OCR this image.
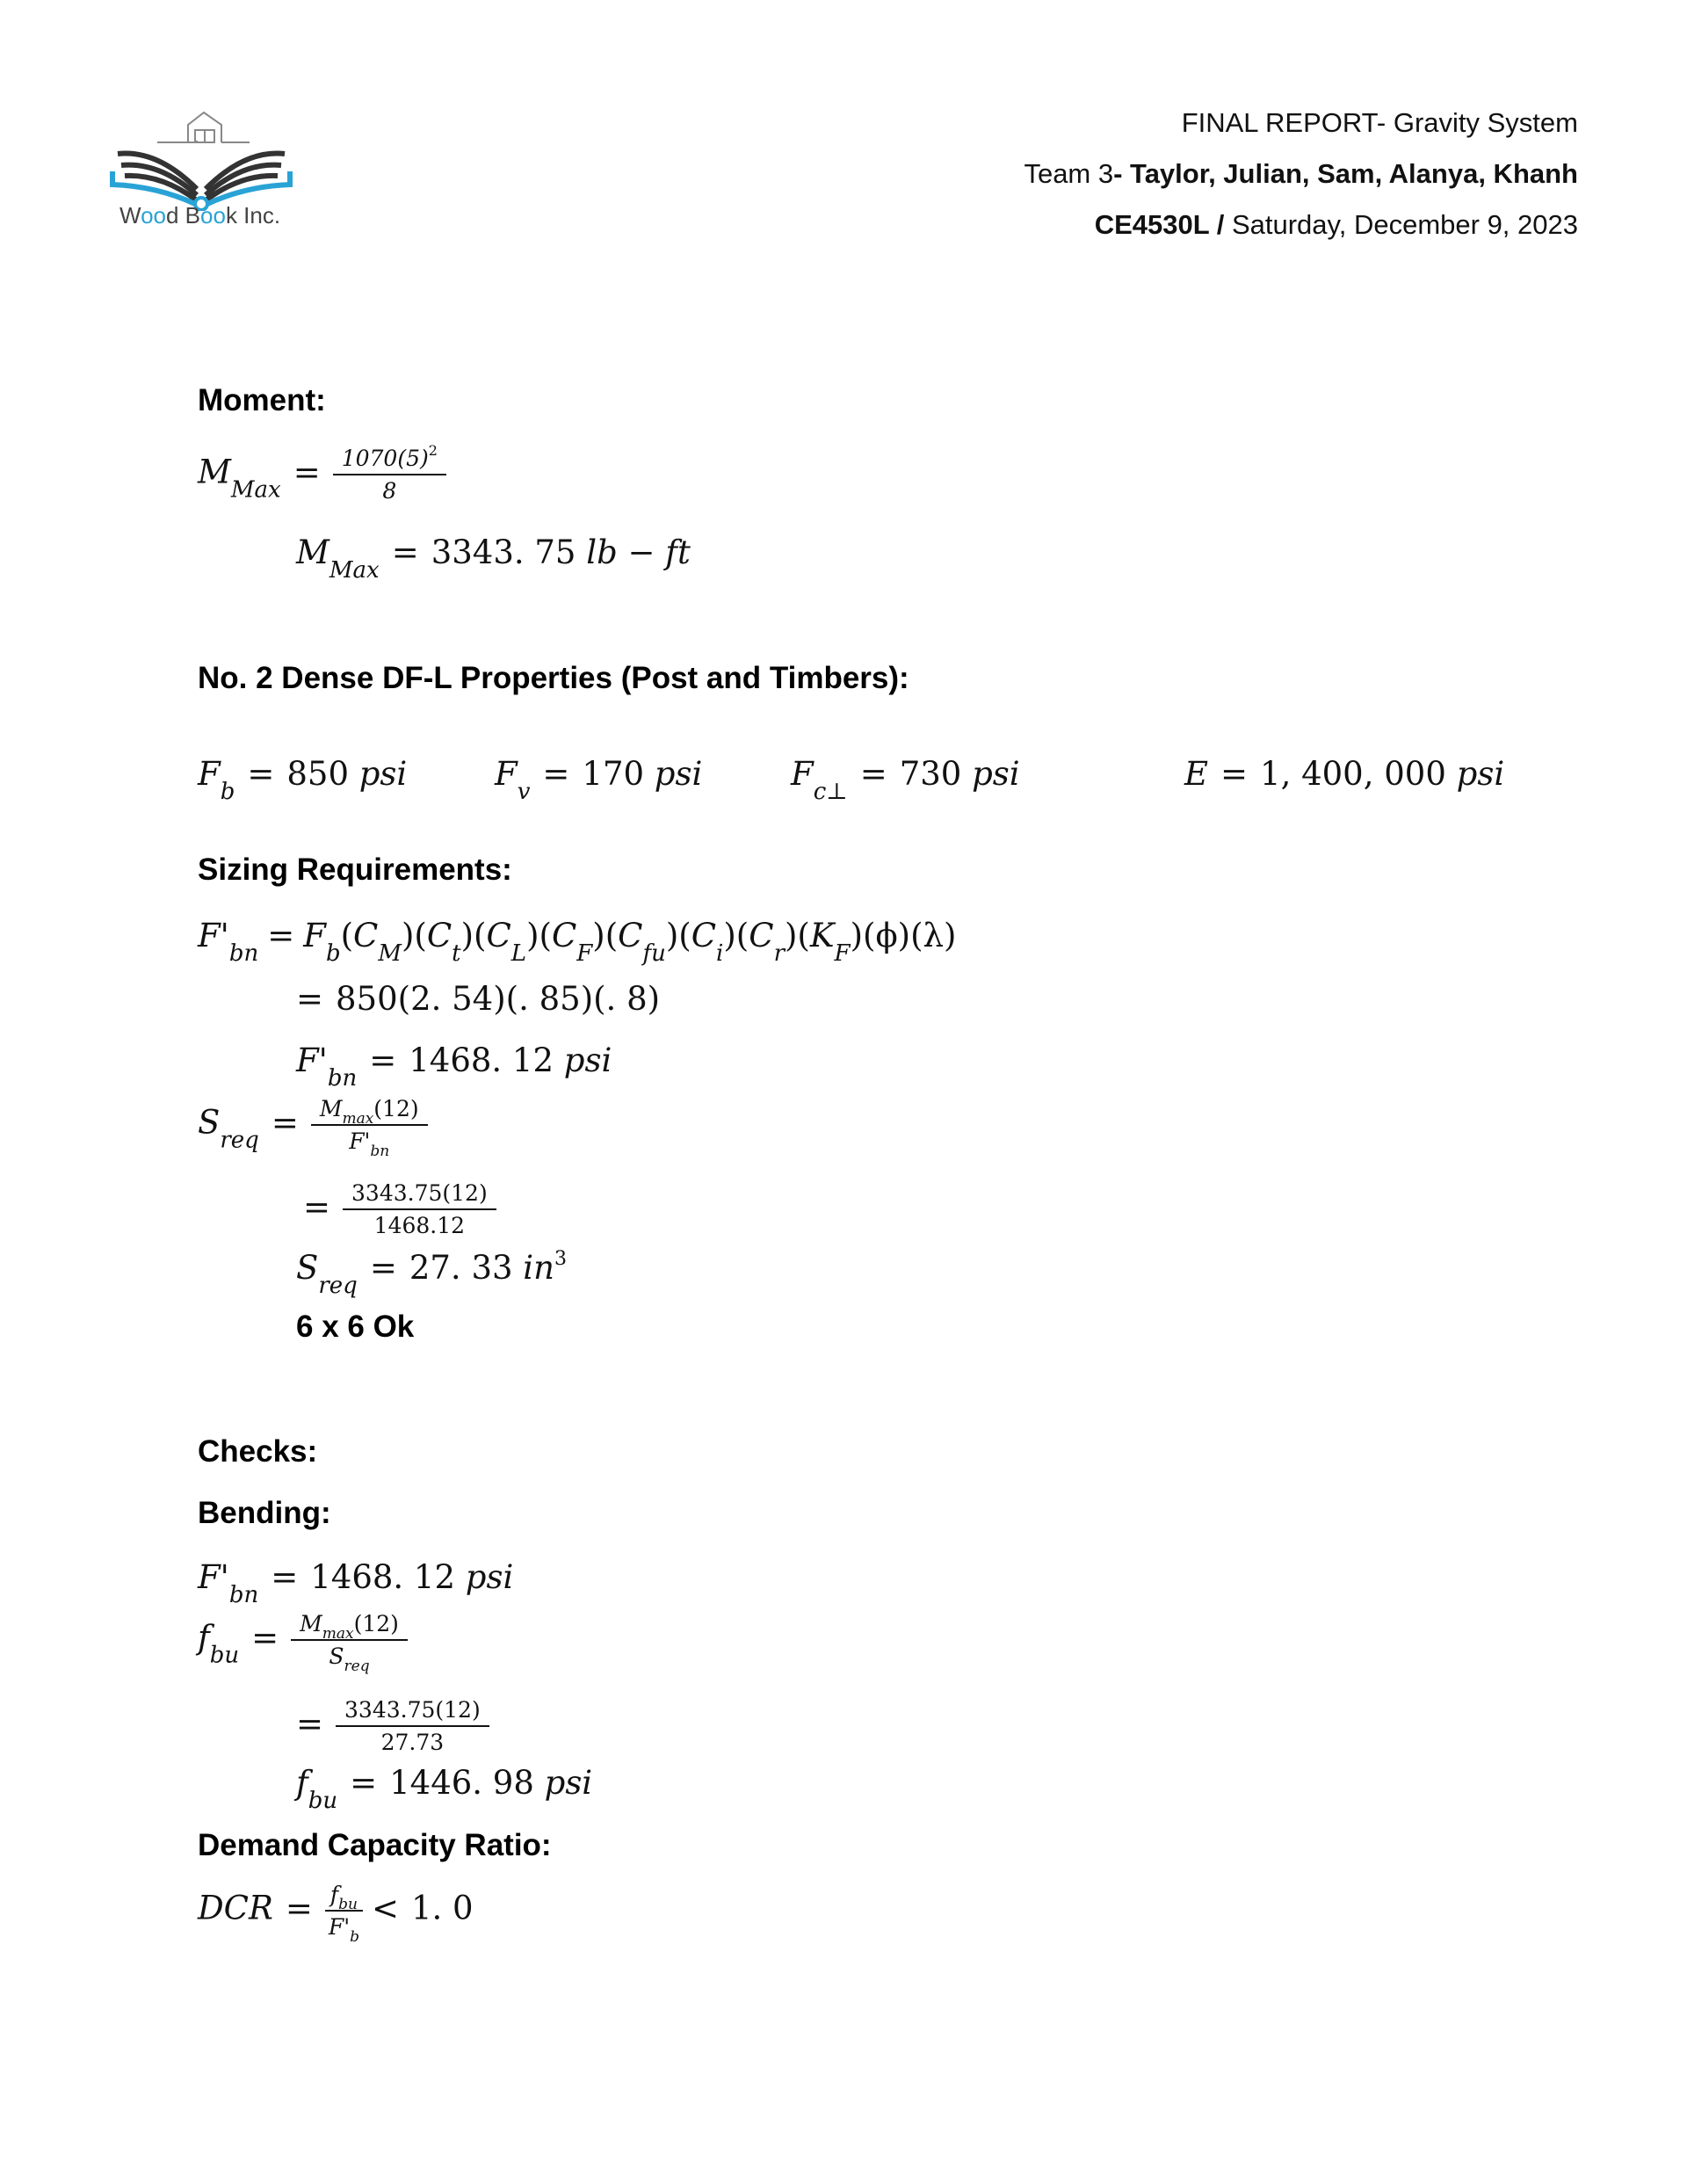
Wood Book Inc.
FINAL REPORT- Gravity System
Team 3- Taylor, Julian, Sam, Alanya, Khanh
CE4530L / Saturday, December 9, 2023
Moment:
$M_{Max} = \frac{1070(5)^2}{8}$
$M_{Max} = 3343$. 75 lb − ft
No. 2 Dense DF-L Properties (Post and Timbers):
$F_b = 850$ psi	$F_v = 170$ psi	$F_{c\perp} = 730$ psi	E = 1, 400, 000 psi
Sizing Requirements:
$F'_{bn} = F_b(C_M)(C_t)(C_L)(C_F)(C_{fu})(C_i)(C_r)(K_F)(\phi)(\lambda)$
= 850(2. 54)(. 85)(. 8)
$F'_{bn} = 1468$. 12 psi
$S_{req} = \frac{M_{max}(12)}{F'_{bn}}$
= $\frac{3343.75(12)}{1468.12}$
$S_{req} = 27$. 33 $in^3$
6 x 6 Ok
Checks:
Bending:
$F'_{bn} = 1468$. 12 psi
$f_{bu} = \frac{M_{max}(12)}{S_{req}}$
= $\frac{3343.75(12)}{27.73}$
$f_{bu} = 1446$. 98 psi
Demand Capacity Ratio:
DCR = $\frac{f_{bu}}{F'_b} < 1$. 0
